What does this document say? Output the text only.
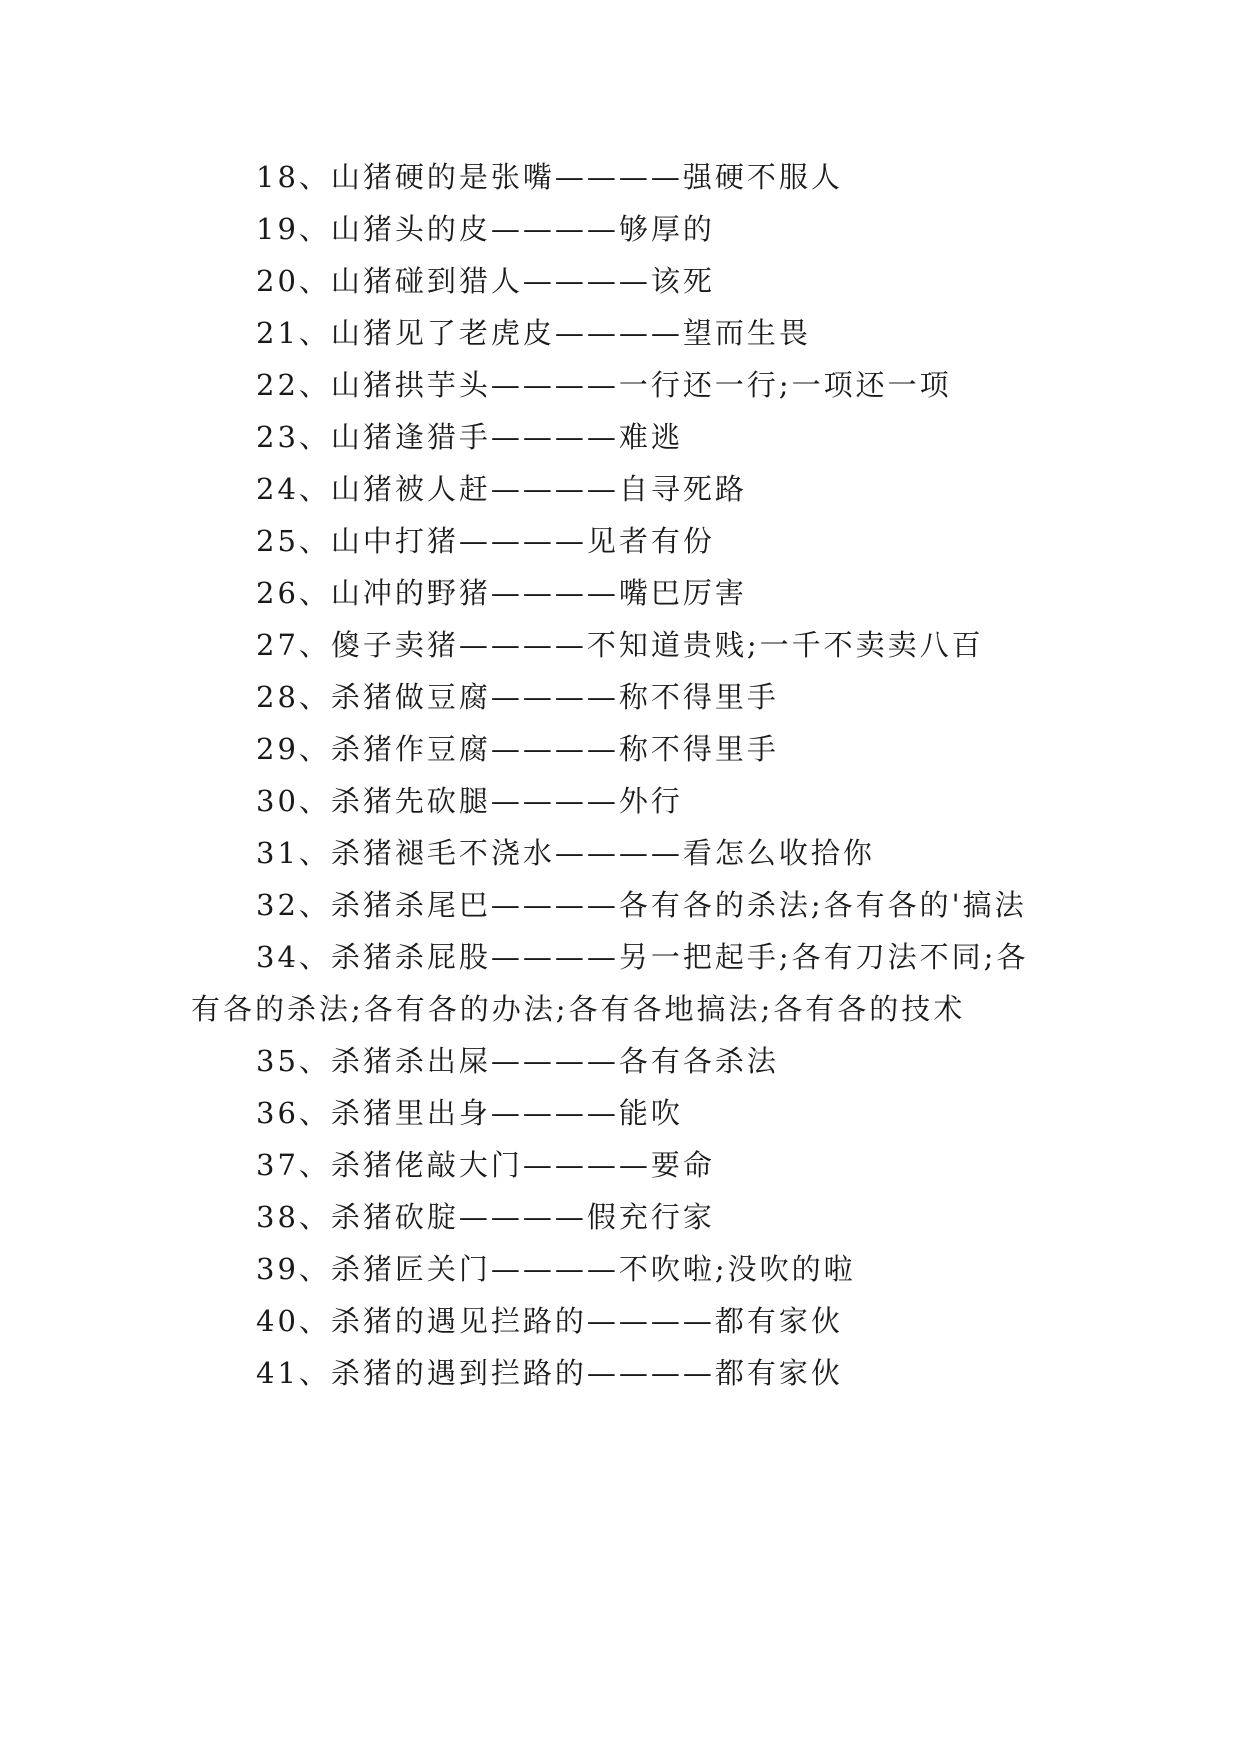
18、山猪硬的是张嘴————强硬不服人
19、山猪头的皮————够厚的
20、山猪碰到猎人————该死
21、山猪见了老虎皮————望而生畏
22、山猪拱芋头————一行还一行;一项还一项
23、山猪逢猎手————难逃
24、山猪被人赶————自寻死路
25、山中打猪————见者有份
26、山冲的野猪————嘴巴厉害
27、傻子卖猪————不知道贵贱;一千不卖卖八百
28、杀猪做豆腐————称不得里手
29、杀猪作豆腐————称不得里手
30、杀猪先砍腿————外行
31、杀猪褪毛不浇水————看怎么收拾你
32、杀猪杀尾巴————各有各的杀法;各有各的'搞法
34、杀猪杀屁股————另一把起手;各有刀法不同;各
有各的杀法;各有各的办法;各有各地搞法;各有各的技术
35、杀猪杀出屎————各有各杀法
36、杀猪里出身————能吹
37、杀猪佬敲大门————要命
38、杀猪砍腚————假充行家
39、杀猪匠关门————不吹啦;没吹的啦
40、杀猪的遇见拦路的————都有家伙
41、杀猪的遇到拦路的————都有家伙
